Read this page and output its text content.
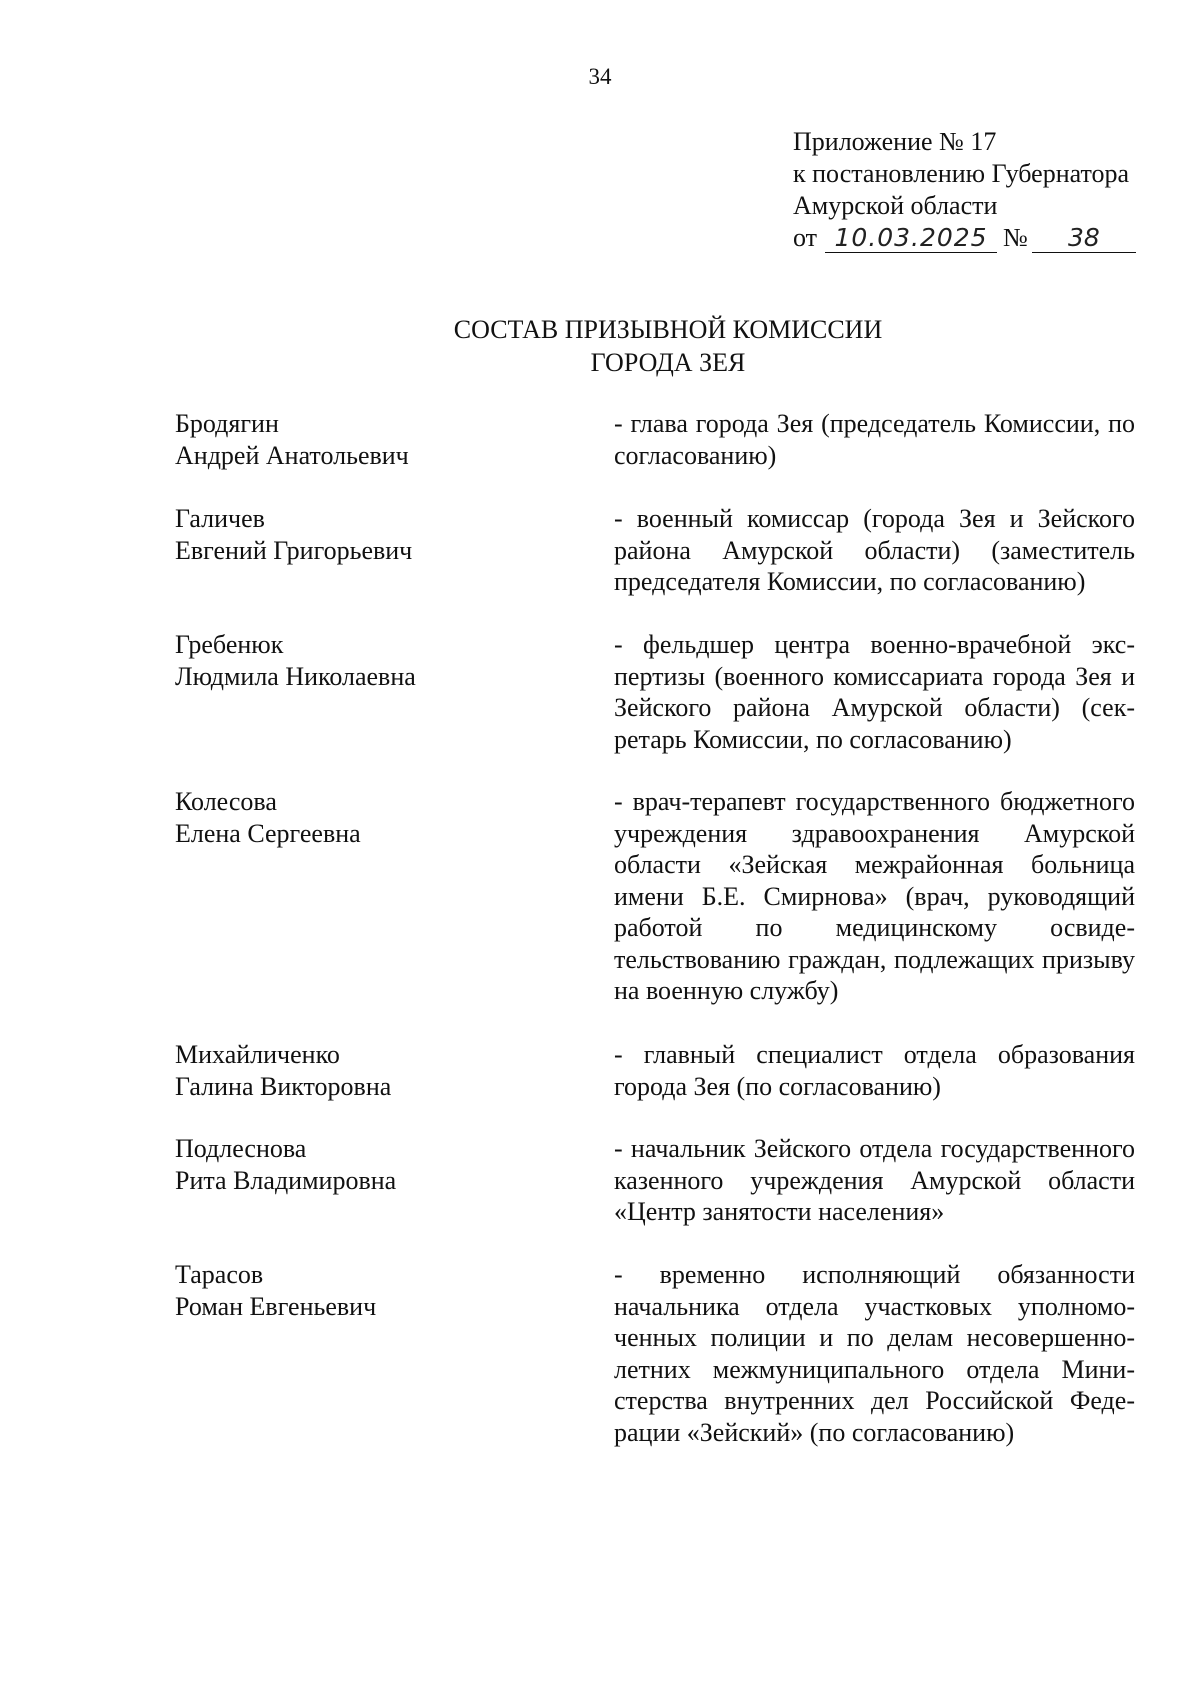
34
Приложение № 17
к постановлению Губернатора
Амурской области
от 10.03.2025 №	38
СОСТАВ ПРИЗЫВНОЙ КОМИССИИ
ГОРОДА ЗЕЯ
Бродягин
Андрей Анатольевич
- глава города Зея (председатель Комиссии, по согласованию)
Галичев
Евгений Григорьевич
- военный комиссар (города Зея и Зейского района Амурской области) (заместитель председателя Комиссии, по согласованию)
Гребенюк
Людмила Николаевна
- фельдшер центра военно-врачебной экспертизы (военного комиссариата города Зея и Зейского района Амурской области) (секретарь Комиссии, по согласованию)
Колесова
Елена Сергеевна
- врач-терапевт государственного бюджетного учреждения здравоохранения Амурской области «Зейская межрайонная больница имени Б.Е. Смирнова» (врач, руководящий работой по медицинскому освидетельствованию граждан, подлежащих призыву на военную службу)
Михайличенко
Галина Викторовна
- главный специалист отдела образования города Зея (по согласованию)
Подлеснова
Рита Владимировна
- начальник Зейского отдела государственного казенного учреждения Амурской области «Центр занятости населения»
Тарасов
Роман Евгеньевич
- временно исполняющий обязанности начальника отдела участковых уполномоченных полиции и по делам несовершеннолетних межмуниципального отдела Министерства внутренних дел Российской Федерации «Зейский» (по согласованию)
